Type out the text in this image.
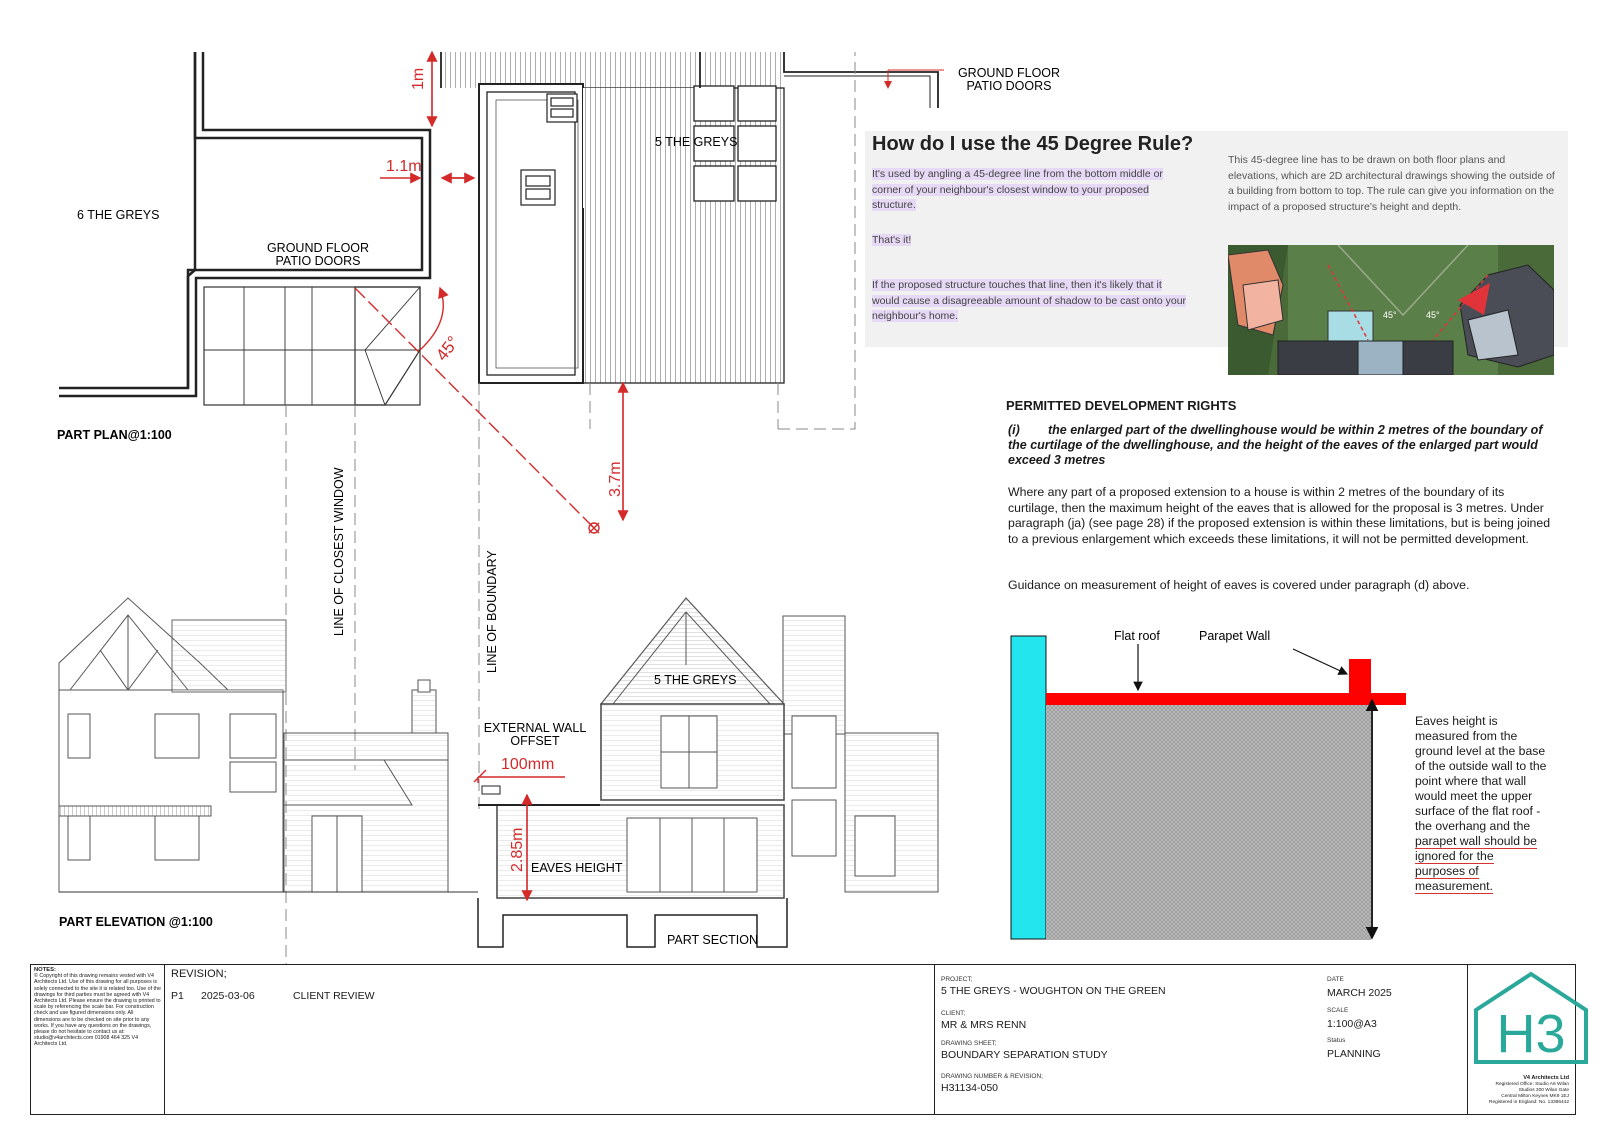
1m
1.1m
3.7m
45°
6 THE GREYS
5 THE GREYS
GROUND FLOOR
PATIO DOORS
GROUND FLOOR
PATIO DOORS
PART PLAN@1:100
LINE OF CLOSEST WINDOW	LINE OF BOUNDARY
5 THE GREYS
EXTERNAL WALL
OFFSET
100mm
2.85m EAVES HEIGHT
PART SECTION
PART ELEVATION @1:100
Flat roof	Parapet Wall
How do I use the 45 Degree Rule?
It's used by angling a 45-degree line from the bottom middle or corner of your neighbour's closest window to your proposed structure.
That's it!
If the proposed structure touches that line, then it's likely that it would cause a disagreeable amount of shadow to be cast onto your neighbour's home.
This 45-degree line has to be drawn on both floor plans and elevations, which are 2D architectural drawings showing the outside of a building from bottom to top. The rule can give you information on the impact of a proposed structure's height and depth.
45°	45°
PERMITTED DEVELOPMENT RIGHTS
(i) the enlarged part of the dwellinghouse would be within 2 metres of the boundary of the curtilage of the dwellinghouse, and the height of the eaves of the enlarged part would exceed 3 metres
Where any part of a proposed extension to a house is within 2 metres of the boundary of its curtilage, then the maximum height of the eaves that is allowed for the proposal is 3 metres. Under paragraph (ja) (see page 28) if the proposed extension is within these limitations, but is being joined to a previous enlargement which exceeds these limitations, it will not be permitted development.
Guidance on measurement of height of eaves is covered under paragraph (d) above.
Eaves height is measured from the ground level at the base of the outside wall to the point where that wall would meet the upper surface of the flat roof - the overhang and the parapet wall should be ignored for the purposes of measurement.
NOTES:
© Copyright of this drawing remains vested with V4 Architects Ltd. Use of this drawing for all purposes is solely connected to the site it is related too. Use of the drawings for third parties must be agreed with V4 Architects Ltd. Please ensure the drawing is printed to scale by referencing the scale bar. For construction check and use figured dimensions only. All dimensions are to be checked on site prior to any works. If you have any questions on the drawings, please do not hesitate to contact us at: studio@v4architects.com 01908 464 325 V4 Architects Ltd.
REVISION;
P1 2025-03-06	CLIENT REVIEW
PROJECT;
5 THE GREYS - WOUGHTON ON THE GREEN
CLIENT;
MR & MRS RENN
DRAWING SHEET;
BOUNDARY SEPARATION STUDY
DRAWING NUMBER & REVISION;
H31134-050
DATE
MARCH 2025
SCALE
1:100@A3
Status
PLANNING H3
V4 Architects Ltd
Registered Office: Studio A6 Wilan
Studios 300 Wilan Gate
Central Milton Keynes MK9 1EJ
Registered in England: No. 13396442
